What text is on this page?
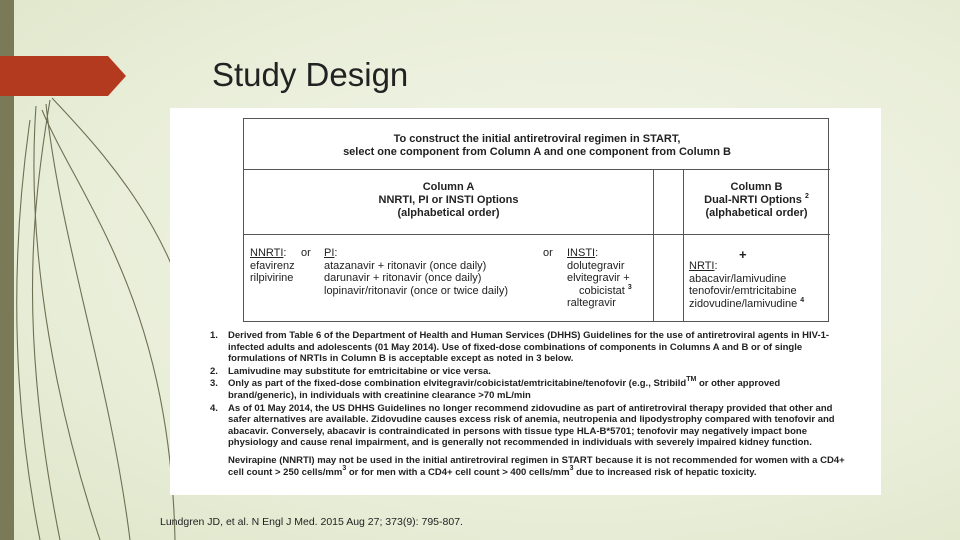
Study Design
To construct the initial antiretroviral regimen in START,
select one component from Column A and one component from Column B
Column A
NNRTI, PI or INSTI Options
(alphabetical order)
Column B
Dual-NRTI Options $^2$
(alphabetical order)
NNRTI:
efavirenz
rilpivirine
or PI:
atazanavir + ritonavir (once daily)
darunavir + ritonavir (once daily)
lopinavir/ritonavir (once or twice daily)
or INSTI:
dolutegravir
elvitegravir +
cobicistat $^3$
raltegravir
+
NRTI:
abacavir/lamivudine
tenofovir/emtricitabine
zidovudine/lamivudine $^4$
1. Derived from Table 6 of the Department of Health and Human Services (DHHS) Guidelines for the use of antiretroviral agents in HIV-1-infected adults and adolescents (01 May 2014). Use of fixed-dose combinations of components in Columns A and B or of single formulations of NRTIs in Column B is acceptable except as noted in 3 below.
2. Lamivudine may substitute for emtricitabine or vice versa.
3. Only as part of the fixed-dose combination elvitegravir/cobicistat/emtricitabine/tenofovir (e.g., Stribild™ or other approved brand/generic), in individuals with creatinine clearance >70 mL/min
4. As of 01 May 2014, the US DHHS Guidelines no longer recommend zidovudine as part of antiretroviral therapy provided that other and safer alternatives are available. Zidovudine causes excess risk of anemia, neutropenia and lipodystrophy compared with tenofovir and abacavir. Conversely, abacavir is contraindicated in persons with tissue type HLA-B*5701; tenofovir may negatively impact bone physiology and cause renal impairment, and is generally not recommended in individuals with severely impaired kidney function.
Nevirapine (NNRTI) may not be used in the initial antiretroviral regimen in START because it is not recommended for women with a CD4+ cell count > 250 cells/$mm^3$ or for men with a CD4+ cell count > 400 cells/$mm^3$ due to increased risk of hepatic toxicity.
Lundgren JD, et al. N Engl J Med. 2015 Aug 27; 373(9): 795-807.
